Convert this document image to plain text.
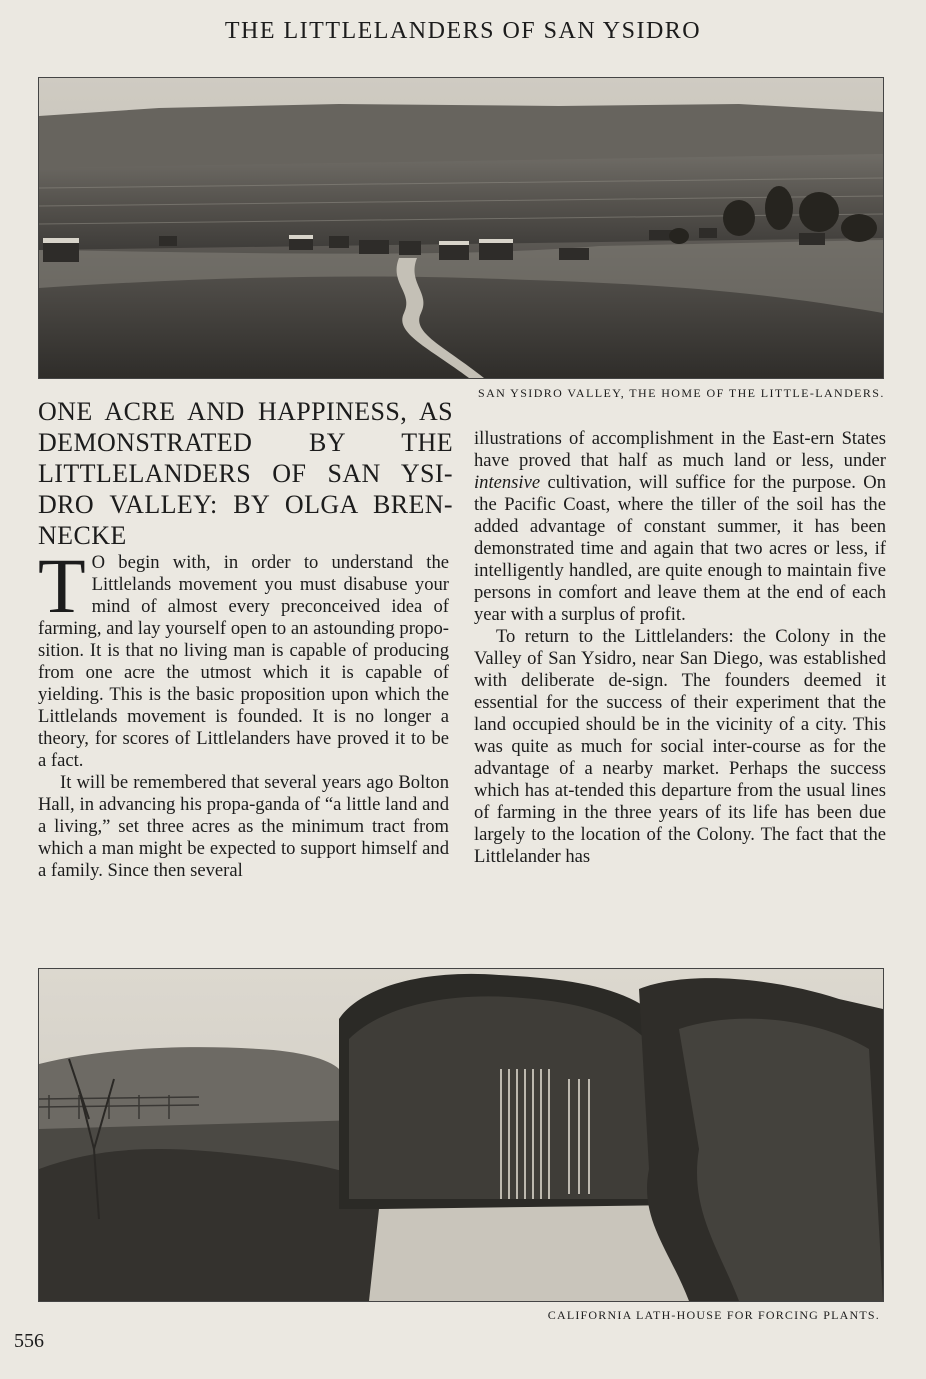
THE LITTLELANDERS OF SAN YSIDRO
SAN YSIDRO VALLEY, THE HOME OF THE LITTLE-LANDERS.
ONE ACRE AND HAPPINESS, AS DEMONSTRATED BY THE LITTLELANDERS OF SAN YSI-DRO VALLEY: BY OLGA BREN-NECKE

T O begin with, in order to understand the Littlelands movement you must disabuse your mind of almost every preconceived idea of farming, and lay yourself open to an astounding propo-sition. It is that no living man is capable of producing from one acre the utmost which it is capable of yielding. This is the basic proposition upon which the Littlelands movement is founded. It is no longer a theory, for scores of Littlelanders have proved it to be a fact.

It will be remembered that several years ago Bolton Hall, in advancing his propa-ganda of “a little land and a living,” set three acres as the minimum tract from which a man might be expected to support himself and a family. Since then several

illustrations of accomplishment in the East-ern States have proved that half as much land or less, under intensive cultivation, will suffice for the purpose. On the Pacific Coast, where the tiller of the soil has the added advantage of constant summer, it has been demonstrated time and again that two acres or less, if intelligently handled, are quite enough to maintain five persons in comfort and leave them at the end of each year with a surplus of profit.

To return to the Littlelanders: the Colony in the Valley of San Ysidro, near San Diego, was established with deliberate de-sign. The founders deemed it essential for the success of their experiment that the land occupied should be in the vicinity of a city. This was quite as much for social inter-course as for the advantage of a nearby market. Perhaps the success which has at-tended this departure from the usual lines of farming in the three years of its life has been due largely to the location of the Colony. The fact that the Littlelander has

CALIFORNIA LATH-HOUSE FOR FORCING PLANTS.
556
